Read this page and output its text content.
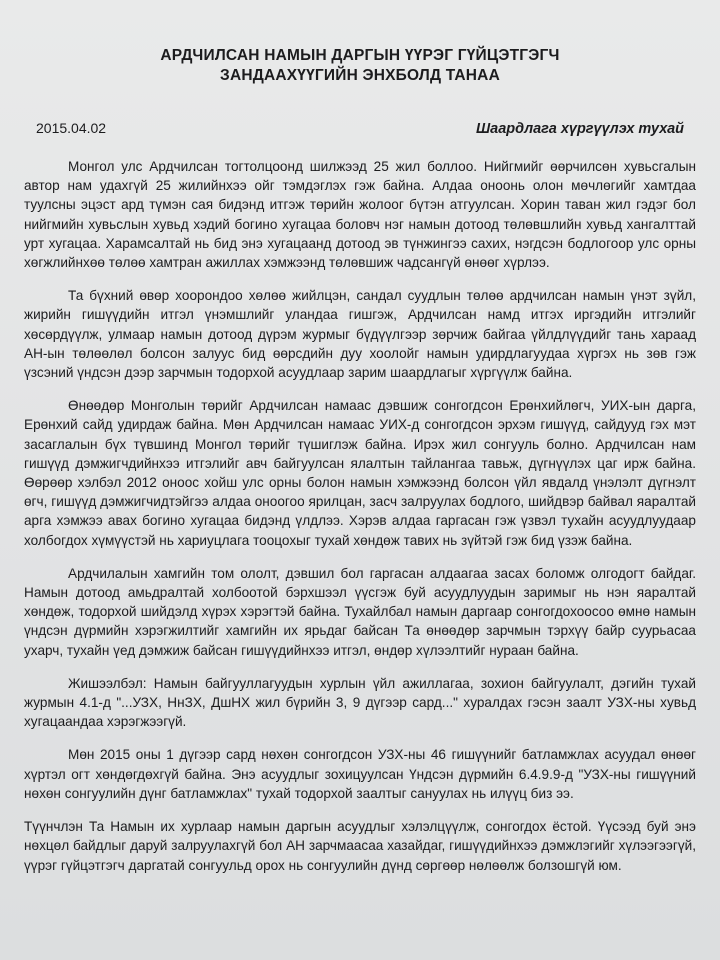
АРДЧИЛСАН НАМЫН ДАРГЫН ҮҮРЭГ ГҮЙЦЭТГЭГЧ
ЗАНДААХҮҮГИЙН ЭНХБОЛД ТАНАА
2015.04.02	Шаардлага хүргүүлэх тухай

Монгол улс Ардчилсан тогтолцоонд шилжээд 25 жил боллоо. Нийгмийг өөрчилсөн хувьсгалын автор нам удахгүй 25 жилийнхээ ойг тэмдэглэх гэж байна. Алдаа оноонь олон мөчлөгийг хамтдаа туулсны эцэст ард түмэн сая бидэнд итгэж төрийн жолоог бүтэн атгуулсан. Хорин таван жил гэдэг бол нийгмийн хувьслын хувьд хэдий богино хугацаа боловч нэг намын дотоод төлөвшлийн хувьд хангалттай урт хугацаа. Харамсалтай нь бид энэ хугацаанд дотоод эв түнжингээ сахих, нэгдсэн бодлогоор улс орны хөгжлийнхөө төлөө хамтран ажиллах хэмжээнд төлөвшиж чадсангүй өнөөг хүрлээ.

Та бүхний өвөр хоорондоо хөлөө жийлцэн, сандал суудлын төлөө ардчилсан намын үнэт зүйл, жирийн гишүүдийн итгэл үнэмшлийг уландаа гишгэж, Ардчилсан намд итгэх иргэдийн итгэлийг хөсөрдүүлж, улмаар намын дотоод дүрэм журмыг бүдүүлгээр зөрчиж байгаа үйлдлүүдийг тань хараад АН-ын төлөөлөл болсон залуус бид өөрсдийн дуу хоолойг намын удирдлагуудаа хүргэх нь зөв гэж үзсэний үндсэн дээр зарчмын тодорхой асуудлаар зарим шаардлагыг хүргүүлж байна.

Өнөөдөр Монголын төрийг Ардчилсан намаас дэвшиж сонгогдсон Ерөнхийлөгч, УИХ-ын дарга, Ерөнхий сайд удирдаж байна. Мөн Ардчилсан намаас УИХ-д сонгогдсон эрхэм гишүүд, сайдууд гэх мэт засаглалын бүх түвшинд Монгол төрийг түшиглэж байна. Ирэх жил сонгууль болно. Ардчилсан нам гишүүд дэмжигчдийнхээ итгэлийг авч байгуулсан ялалтын тайлангаа тавьж, дүгнүүлэх цаг ирж байна. Өөрөөр хэлбэл 2012 оноос хойш улс орны болон намын хэмжээнд болсон үйл явдалд үнэлэлт дүгнэлт өгч, гишүүд дэмжигчидтэйгээ алдаа оноогоо ярилцан, засч залруулах бодлого, шийдвэр байвал яаралтай арга хэмжээ авах богино хугацаа бидэнд үлдлээ. Хэрэв алдаа гаргасан гэж үзвэл тухайн асуудлуудаар холбогдох хүмүүстэй нь хариуцлага тооцохыг тухай хөндөж тавих нь зүйтэй гэж бид үзэж байна.

Ардчилалын хамгийн том ололт, дэвшил бол гаргасан алдаагаа засах боломж олгодогт байдаг. Намын дотоод амьдралтай холбоотой бэрхшээл үүсгэж буй асуудлуудын заримыг нь нэн яаралтай хөндөж, тодорхой шийдэлд хүрэх хэрэгтэй байна. Тухайлбал намын даргаар сонгогдохоосоо өмнө намын үндсэн дүрмийн хэрэгжилтийг хамгийн их ярьдаг байсан Та өнөөдөр зарчмын тэрхүү байр суурьасаа ухарч, тухайн үед дэмжиж байсан гишүүдийнхээ итгэл, өндөр хүлээлтийг нураан байна.

Жишээлбэл: Намын байгууллагуудын хурлын үйл ажиллагаа, зохион байгуулалт, дэгийн тухай журмын 4.1-д "...УЗХ, НнЗХ, ДшНХ жил бүрийн 3, 9 дүгээр сард..." хуралдах гэсэн заалт УЗХ-ны хувьд хугацаандаа хэрэгжээгүй.

Мөн 2015 оны 1 дүгээр сард нөхөн сонгогдсон УЗХ-ны 46 гишүүнийг батламжлах асуудал өнөөг хүртэл огт хөндөгдөхгүй байна. Энэ асуудлыг зохицуулсан Үндсэн дүрмийн 6.4.9.9-д "УЗХ-ны гишүүний нөхөн сонгуулийн дүнг батламжлах" тухай тодорхой заалтыг сануулах нь илүүц биз ээ.

Түүнчлэн Та Намын их хурлаар намын даргын асуудлыг хэлэлцүүлж, сонгогдох ёстой. Үүсээд буй энэ нөхцөл байдлыг даруй залруулахгүй бол АН зарчмаасаа хазайдаг, гишүүдийнхээ дэмжлэгийг хүлээгээгүй, үүрэг гүйцэтгэгч даргатай сонгуульд орох нь сонгуулийн дүнд сөргөөр нөлөөлж болзошгүй юм.
